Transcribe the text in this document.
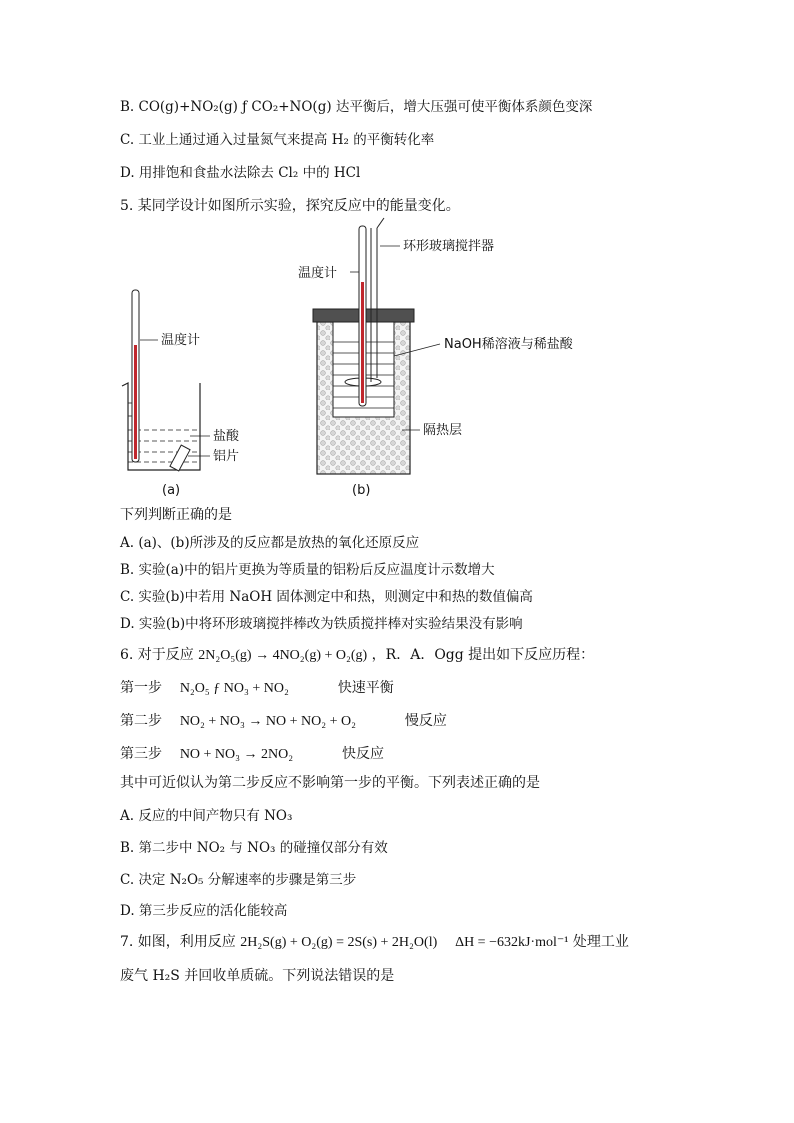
B. CO(g)+NO₂(g) ƒ CO₂+NO(g) 达平衡后，增大压强可使平衡体系颜色变深
C. 工业上通过通入过量氮气来提高 H₂ 的平衡转化率
D. 用排饱和食盐水法除去 Cl₂ 中的 HCl
5. 某同学设计如图所示实验，探究反应中的能量变化。
温度计
盐酸
铝片
(a)
环形玻璃搅拌器
温度计
NaOH稀溶液与稀盐酸
隔热层
(b)
下列判断正确的是
A. (a)、(b)所涉及的反应都是放热的氧化还原反应
B. 实验(a)中的铝片更换为等质量的铝粉后反应温度计示数增大
C. 实验(b)中若用 NaOH 固体测定中和热，则测定中和热的数值偏高
D. 实验(b)中将环形玻璃搅拌棒改为铁质搅拌棒对实验结果没有影响
6. 对于反应 2N₂O₅(g) → 4NO₂(g) + O₂(g) ，R．A．Ogg 提出如下反应历程：
第一步 N₂O₅ ƒ NO₃ + NO₂	快速平衡
第二步 NO₂ + NO₃ → NO + NO₂ + O₂	慢反应
第三步 NO + NO₃ → 2NO₂	快反应
其中可近似认为第二步反应不影响第一步的平衡。下列表述正确的是
A. 反应的中间产物只有 NO₃
B. 第二步中 NO₂ 与 NO₃ 的碰撞仅部分有效
C. 决定 N₂O₅ 分解速率的步骤是第三步
D. 第三步反应的活化能较高
7. 如图，利用反应 2H₂S(g) + O₂(g) = 2S(s) + 2H₂O(l) ΔH = −632kJ·mol⁻¹ 处理工业
废气 H₂S 并回收单质硫。下列说法错误的是
